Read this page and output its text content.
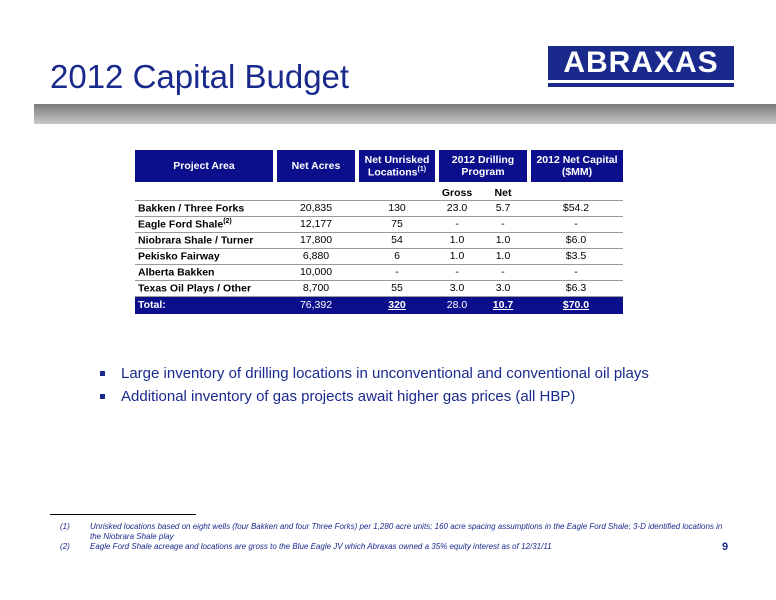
2012 Capital Budget	ABRAXAS
Project Area	Net Acres	Net Unrisked Locations$^{(1)}$	2012 Drilling Program		2012 Net Capital ($MM)

			Gross	Net	
Bakken / Three Forks	20,835	130	23.0	5.7	$54.2
Eagle Ford Shale$^{(2)}$	12,177	75	-	-	-
Niobrara Shale / Turner	17,800	54	1.0	1.0	$6.0
Pekisko Fairway	6,880	6	1.0	1.0	$3.5
Alberta Bakken	10,000	-	-	-	-
Texas Oil Plays / Other	8,700	55	3.0	3.0	$6.3
Total:	76,392	320	28.0	10.7	$70.0
Large inventory of drilling locations in unconventional and conventional oil plays
Additional inventory of gas projects await higher gas prices (all HBP)
(1)	Unrisked locations based on eight wells (four Bakken and four Three Forks) per 1,280 acre units; 160 acre spacing assumptions in the Eagle Ford Shale; 3-D identified locations in the Niobrara Shale play
(2)	Eagle Ford Shale acreage and locations are gross to the Blue Eagle JV which Abraxas owned a 35% equity interest as of 12/31/11	9
